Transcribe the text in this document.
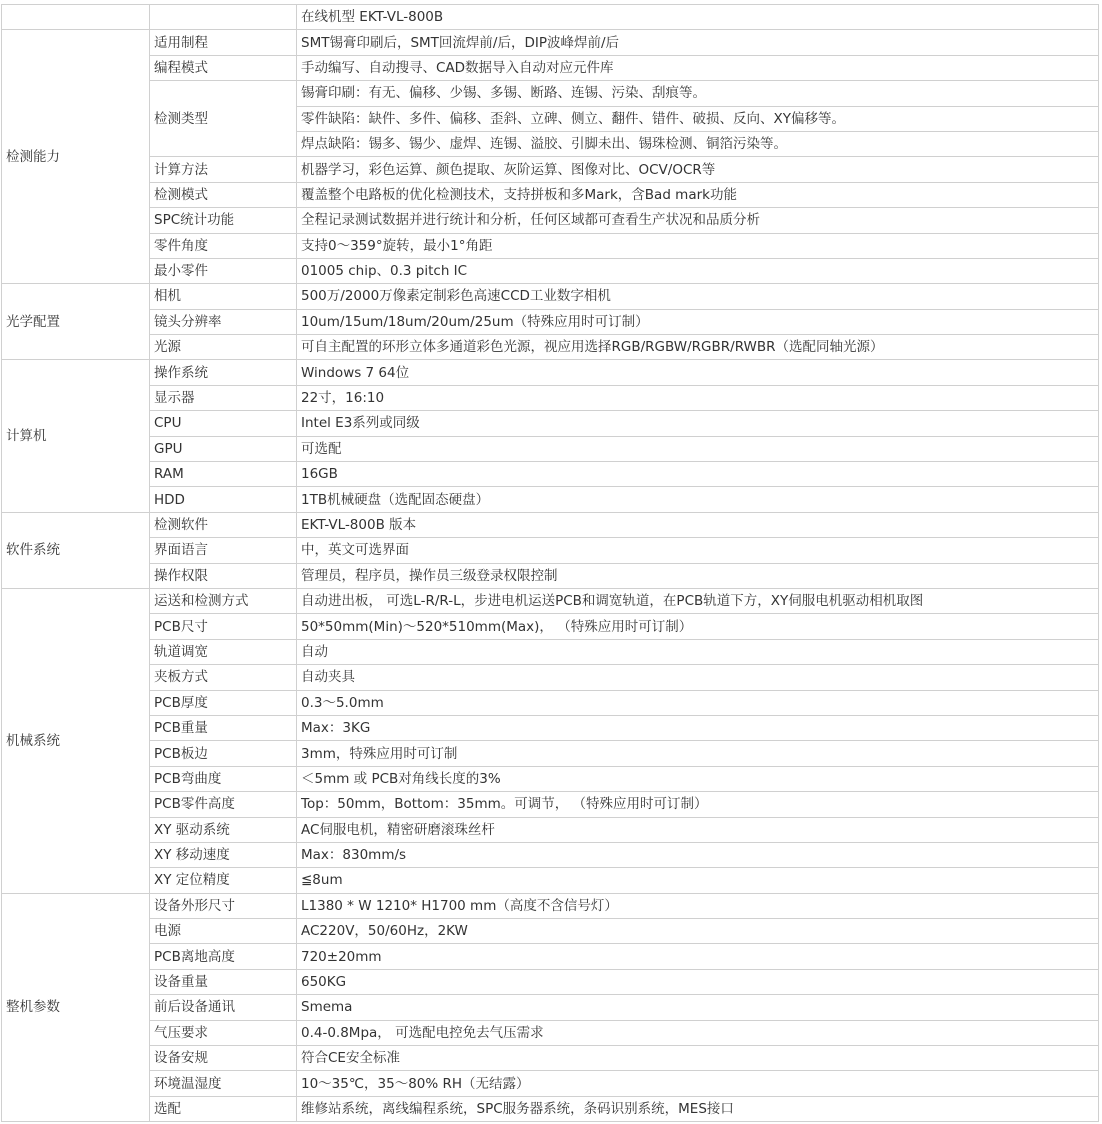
		在线机型 EKT-VL-800B
检测能力	适用制程	SMT锡膏印刷后，SMT回流焊前/后，DIP波峰焊前/后
	编程模式	手动编写、自动搜寻、CAD数据导入自动对应元件库
	检测类型	锡膏印刷：有无、偏移、少锡、多锡、断路、连锡、污染、刮痕等。
		零件缺陷：缺件、多件、偏移、歪斜、立碑、侧立、翻件、错件、破损、反向、XY偏移等。
		焊点缺陷：锡多、锡少、虚焊、连锡、溢胶、引脚未出、锡珠检测、铜箔污染等。
	计算方法	机器学习，彩色运算、颜色提取、灰阶运算、图像对比、OCV/OCR等
	检测模式	覆盖整个电路板的优化检测技术，支持拼板和多Mark，含Bad mark功能
	SPC统计功能	全程记录测试数据并进行统计和分析，任何区域都可查看生产状况和品质分析
	零件角度	支持0～359°旋转，最小1°角距
	最小零件	01005 chip、0.3 pitch IC
光学配置	相机	500万/2000万像素定制彩色高速CCD工业数字相机
	镜头分辨率	10um/15um/18um/20um/25um（特殊应用时可订制）
	光源	可自主配置的环形立体多通道彩色光源，视应用选择RGB/RGBW/RGBR/RWBR（选配同轴光源）
计算机	操作系统	Windows 7 64位
	显示器	22寸，16:10
	CPU	Intel E3系列或同级
	GPU	可选配
	RAM	16GB
	HDD	1TB机械硬盘（选配固态硬盘）
软件系统	检测软件	EKT-VL-800B 版本
	界面语言	中，英文可选界面
	操作权限	管理员，程序员，操作员三级登录权限控制
机械系统	运送和检测方式	自动进出板， 可选L-R/R-L，步进电机运送PCB和调宽轨道，在PCB轨道下方，XY伺服电机驱动相机取图
	PCB尺寸	50*50mm(Min)～520*510mm(Max)， （特殊应用时可订制）
	轨道调宽	自动
	夹板方式	自动夹具
	PCB厚度	0.3～5.0mm
	PCB重量	Max：3KG
	PCB板边	3mm，特殊应用时可订制
	PCB弯曲度	＜5mm 或 PCB对角线长度的3%
	PCB零件高度	Top：50mm，Bottom：35mm。可调节， （特殊应用时可订制）
	XY 驱动系统	AC伺服电机，精密研磨滚珠丝杆
	XY 移动速度	Max：830mm/s
	XY 定位精度	≦8um
整机参数	设备外形尺寸	L1380 * W 1210* H1700 mm（高度不含信号灯）
	电源	AC220V，50/60Hz，2KW
	PCB离地高度	720±20mm
	设备重量	650KG
	前后设备通讯	Smema
	气压要求	0.4-0.8Mpa， 可选配电控免去气压需求
	设备安规	符合CE安全标准
	环境温湿度	10～35℃，35～80% RH（无结露）
	选配	维修站系统，离线编程系统，SPC服务器系统，条码识别系统，MES接口
